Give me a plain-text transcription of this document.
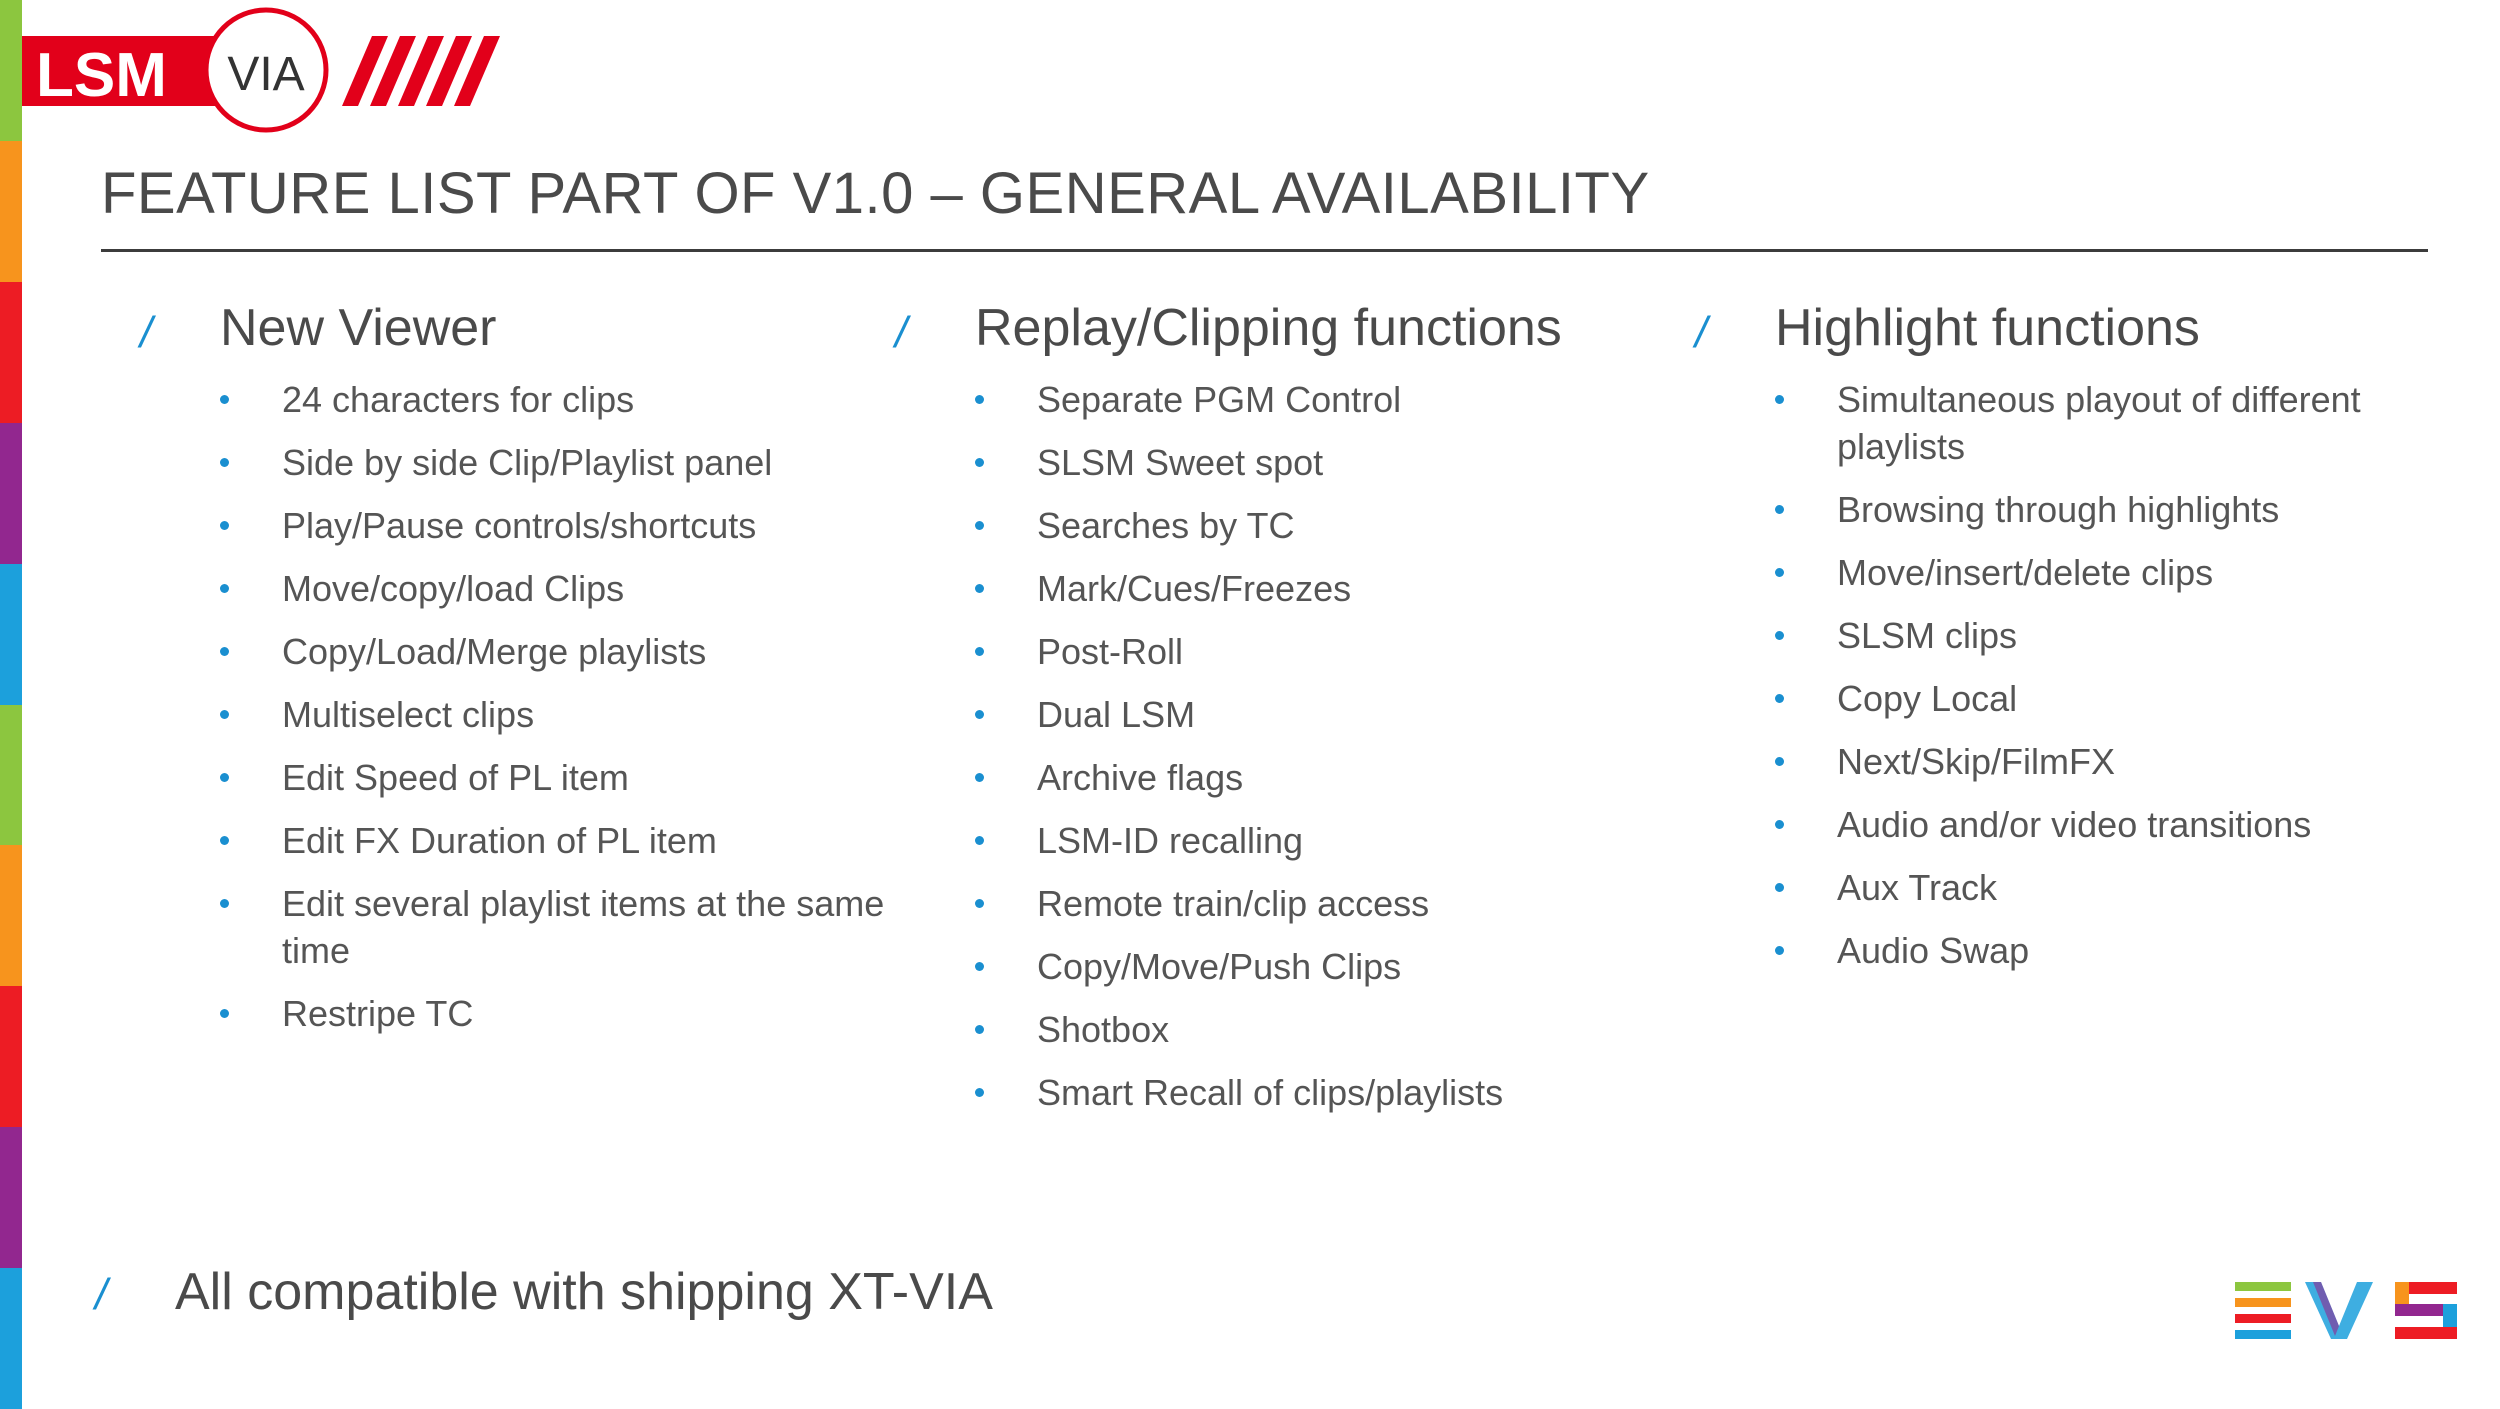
LSM VIA
FEATURE LIST PART OF V1.0 – GENERAL AVAILABILITY
/ New Viewer
24 characters for clips
Side by side Clip/Playlist panel
Play/Pause controls/shortcuts
Move/copy/load Clips
Copy/Load/Merge playlists
Multiselect clips
Edit Speed of PL item
Edit FX Duration of PL item
Edit several playlist items at the same time
Restripe TC
/ Replay/Clipping functions
Separate PGM Control
SLSM Sweet spot
Searches by TC
Mark/Cues/Freezes
Post-Roll
Dual LSM
Archive flags
LSM-ID recalling
Remote train/clip access
Copy/Move/Push Clips
Shotbox
Smart Recall of clips/playlists
/ Highlight functions
Simultaneous playout of different playlists
Browsing through highlights
Move/insert/delete clips
SLSM clips
Copy Local
Next/Skip/FilmFX
Audio and/or video transitions
Aux Track
Audio Swap
/ All compatible with shipping XT-VIA
